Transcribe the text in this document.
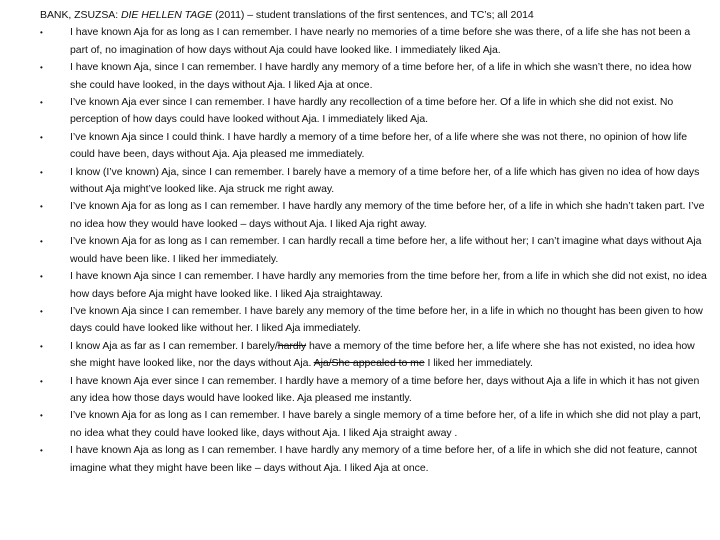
BANK, ZSUZSA: DIE HELLEN TAGE (2011) – student translations of the first sentences, and TC’s; all 2014

•	I have known Aja for as long as I can remember. I have nearly no memories of a time before she was there, of a life she has not been a part of, no imagination of how days without Aja could have looked like. I immediately liked Aja.
•	I have known Aja, since I can remember. I have hardly any memory of a time before her, of a life in which she wasn’t there, no idea how she could have looked, in the days without Aja. I liked Aja at once.
•	I’ve known Aja ever since I can remember. I have hardly any recollection of a time before her. Of a life in which she did not exist. No perception of how days could have looked without Aja. I immediately liked Aja.
•	I’ve known Aja since I could think. I have hardly a memory of a time before her, of a life where she was not there, no opinion of how life could have been, days without Aja. Aja pleased me immediately.
•	I know (I’ve known) Aja, since I can remember. I barely have a memory of a time before her, of a life which has given no idea of how days without Aja might’ve looked like. Aja struck me right away.
•	I’ve known Aja for as long as I can remember. I have hardly any memory of the time before her, of a life in which she hadn’t taken part. I’ve no idea how they would have looked – days without Aja. I liked Aja right away.
•	I’ve known Aja for as long as I can remember. I can hardly recall a time before her, a life without her; I can’t imagine what days without Aja would have been like. I liked her immediately.
•	I have known Aja since I can remember. I have hardly any memories from the time before her, from a life in which she did not exist, no idea how days before Aja might have looked like. I liked Aja straightaway.
•	I’ve known Aja since I can remember. I have barely any memory of the time before her, in a life in which no thought has been given to how days could have looked like without her. I liked Aja immediately.
•	I know Aja as far as I can remember. I barely/hardly have a memory of the time before her, a life where she has not existed, no idea how she might have looked like, nor the days without Aja. Aja/She appealed to me I liked her immediately.
•	I have known Aja ever since I can remember. I hardly have a memory of a time before her, days without Aja a life in which it has not given any idea how those days would have looked like. Aja pleased me instantly.
•	I’ve known Aja for as long as I can remember. I have barely a single memory of a time before her, of a life in which she did not play a part, no idea what they could have looked like, days without Aja. I liked Aja straight away .
•	I have known Aja as long as I can remember. I have hardly any memory of a time before her, of a life in which she did not feature, cannot imagine what they might have been like – days without Aja. I liked Aja at once.
